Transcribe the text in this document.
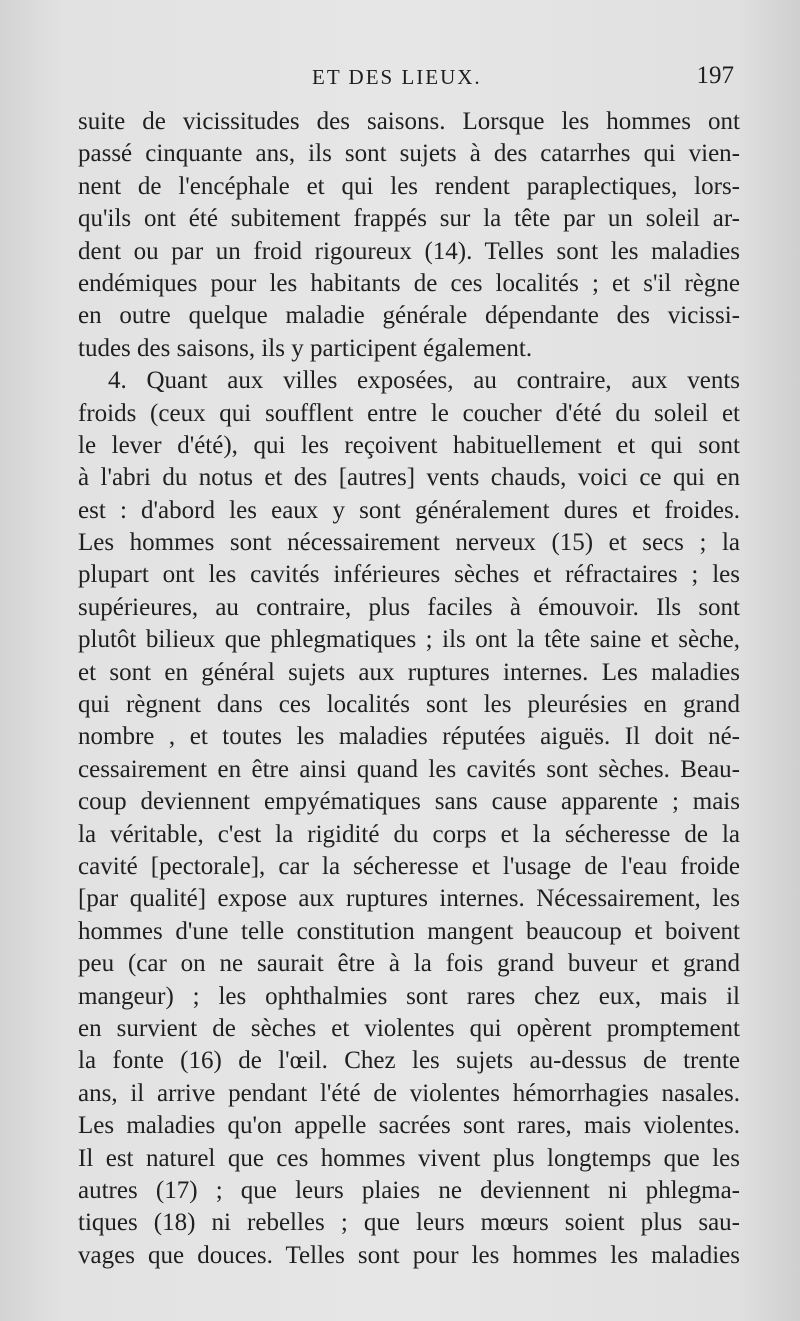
ET DES LIEUX.	197
suite de vicissitudes des saisons. Lorsque les hommes ont
passé cinquante ans, ils sont sujets à des catarrhes qui vien-
nent de l'encéphale et qui les rendent paraplectiques, lors-
qu'ils ont été subitement frappés sur la tête par un soleil ar-
dent ou par un froid rigoureux (14). Telles sont les maladies
endémiques pour les habitants de ces localités ; et s'il règne
en outre quelque maladie générale dépendante des vicissi-
tudes des saisons, ils y participent également.
4. Quant aux villes exposées, au contraire, aux vents
froids (ceux qui soufflent entre le coucher d'été du soleil et
le lever d'été), qui les reçoivent habituellement et qui sont
à l'abri du notus et des [autres] vents chauds, voici ce qui en
est : d'abord les eaux y sont généralement dures et froides.
Les hommes sont nécessairement nerveux (15) et secs ; la
plupart ont les cavités inférieures sèches et réfractaires ; les
supérieures, au contraire, plus faciles à émouvoir. Ils sont
plutôt bilieux que phlegmatiques ; ils ont la tête saine et sèche,
et sont en général sujets aux ruptures internes. Les maladies
qui règnent dans ces localités sont les pleurésies en grand
nombre , et toutes les maladies réputées aiguës. Il doit né-
cessairement en être ainsi quand les cavités sont sèches. Beau-
coup deviennent empyématiques sans cause apparente ; mais
la véritable, c'est la rigidité du corps et la sécheresse de la
cavité [pectorale], car la sécheresse et l'usage de l'eau froide
[par qualité] expose aux ruptures internes. Nécessairement, les
hommes d'une telle constitution mangent beaucoup et boivent
peu (car on ne saurait être à la fois grand buveur et grand
mangeur) ; les ophthalmies sont rares chez eux, mais il
en survient de sèches et violentes qui opèrent promptement
la fonte (16) de l'œil. Chez les sujets au-dessus de trente
ans, il arrive pendant l'été de violentes hémorrhagies nasales.
Les maladies qu'on appelle sacrées sont rares, mais violentes.
Il est naturel que ces hommes vivent plus longtemps que les
autres (17) ; que leurs plaies ne deviennent ni phlegma-
tiques (18) ni rebelles ; que leurs mœurs soient plus sau-
vages que douces. Telles sont pour les hommes les maladies
